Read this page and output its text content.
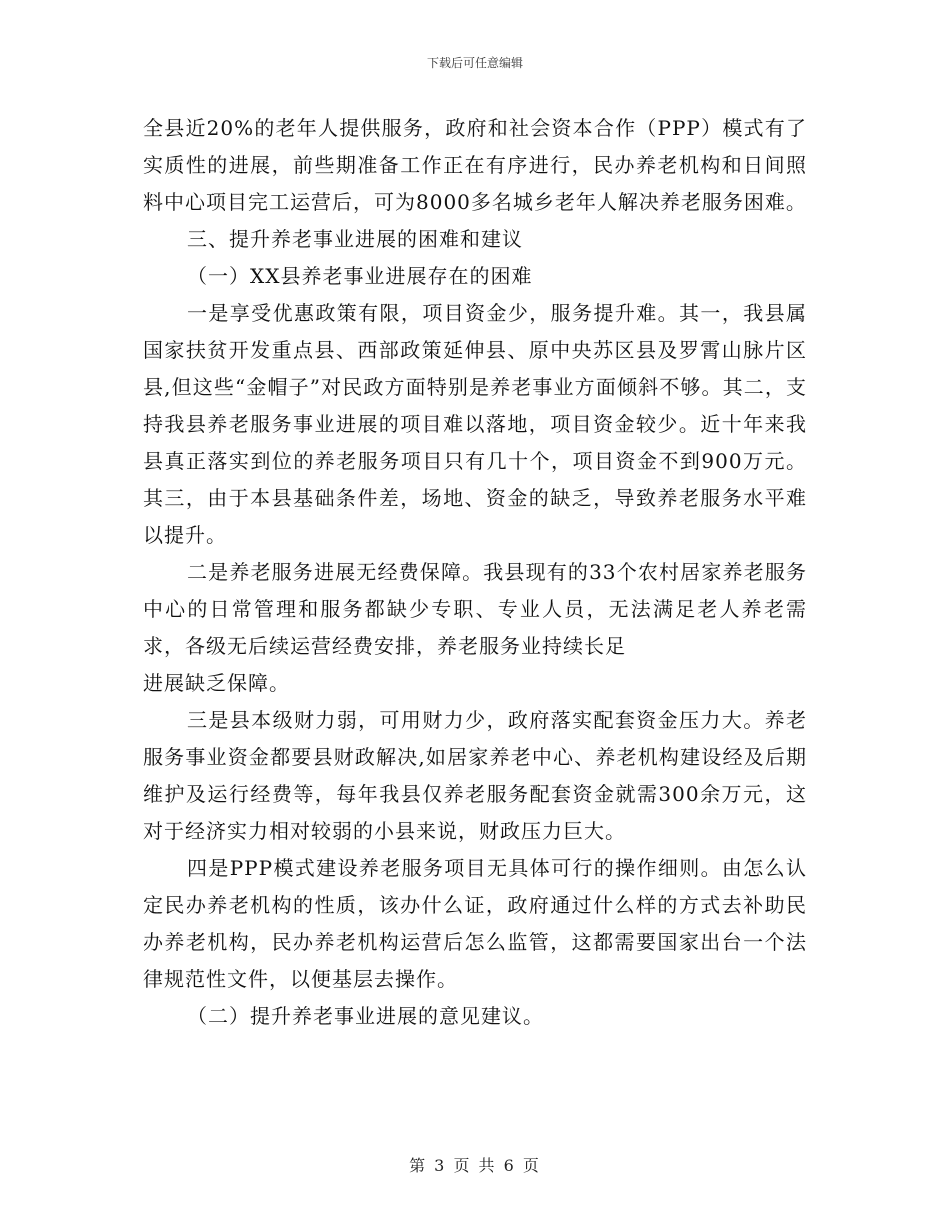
下载后可任意编辑

全县近20%的老年人提供服务，政府和社会资本合作（PPP）模式有了实质性的进展，前些期准备工作正在有序进行，民办养老机构和日间照料中心项目完工运营后，可为8000多名城乡老年人解决养老服务困难。

三、提升养老事业进展的困难和建议

（一）XX县养老事业进展存在的困难

一是享受优惠政策有限，项目资金少，服务提升难。其一，我县属国家扶贫开发重点县、西部政策延伸县、原中央苏区县及罗霄山脉片区县,但这些“金帽子”对民政方面特别是养老事业方面倾斜不够。其二，支持我县养老服务事业进展的项目难以落地，项目资金较少。近十年来我县真正落实到位的养老服务项目只有几十个，项目资金不到900万元。其三，由于本县基础条件差，场地、资金的缺乏，导致养老服务水平难以提升。

二是养老服务进展无经费保障。我县现有的33个农村居家养老服务中心的日常管理和服务都缺少专职、专业人员，无法满足老人养老需求，各级无后续运营经费安排，养老服务业持续长足

进展缺乏保障。

三是县本级财力弱，可用财力少，政府落实配套资金压力大。养老服务事业资金都要县财政解决,如居家养老中心、养老机构建设经及后期维护及运行经费等，每年我县仅养老服务配套资金就需300余万元，这对于经济实力相对较弱的小县来说，财政压力巨大。

四是PPP模式建设养老服务项目无具体可行的操作细则。由怎么认定民办养老机构的性质，该办什么证，政府通过什么样的方式去补助民办养老机构，民办养老机构运营后怎么监管，这都需要国家出台一个法律规范性文件，以便基层去操作。

（二）提升养老事业进展的意见建议。

第 3 页 共 6 页
